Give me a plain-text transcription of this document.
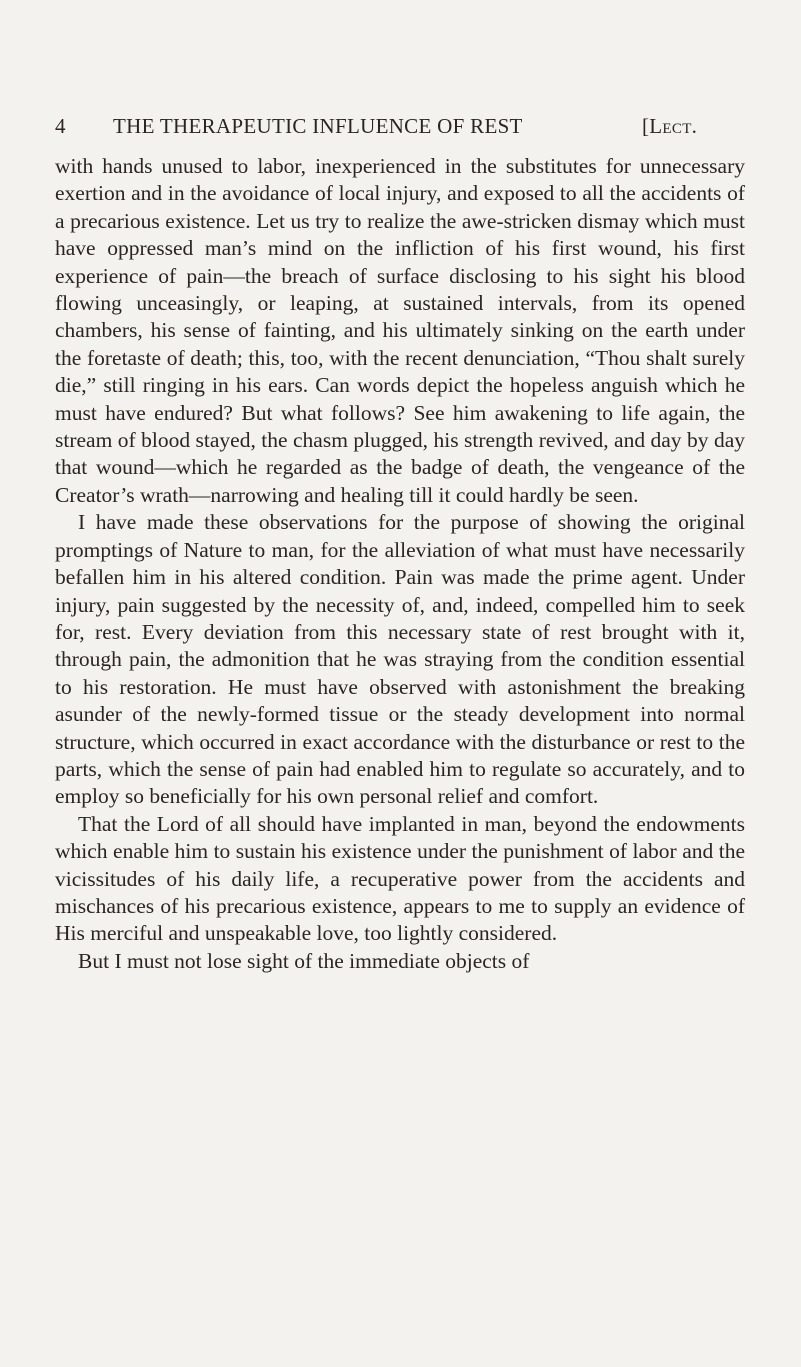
4 THE THERAPEUTIC INFLUENCE OF REST	[Lect.

with hands unused to labor, inexperienced in the substitutes for unnecessary exertion and in the avoidance of local injury, and exposed to all the accidents of a precarious existence. Let us try to realize the awe-stricken dismay which must have oppressed man’s mind on the infliction of his first wound, his first experience of pain—the breach of surface disclosing to his sight his blood flowing unceasingly, or leaping, at sustained intervals, from its opened chambers, his sense of fainting, and his ultimately sinking on the earth under the foretaste of death; this, too, with the recent denunciation, “Thou shalt surely die,” still ringing in his ears. Can words depict the hopeless anguish which he must have endured? But what follows? See him awakening to life again, the stream of blood stayed, the chasm plugged, his strength revived, and day by day that wound—which he regarded as the badge of death, the vengeance of the Creator’s wrath—narrowing and healing till it could hardly be seen.

I have made these observations for the purpose of showing the original promptings of Nature to man, for the alleviation of what must have necessarily befallen him in his altered condition. Pain was made the prime agent. Under injury, pain suggested by the necessity of, and, indeed, compelled him to seek for, rest. Every deviation from this necessary state of rest brought with it, through pain, the admonition that he was straying from the condition essential to his restoration. He must have observed with astonishment the breaking asunder of the newly-formed tissue or the steady development into normal structure, which occurred in exact accordance with the disturbance or rest to the parts, which the sense of pain had enabled him to regulate so accurately, and to employ so beneficially for his own personal relief and comfort.

That the Lord of all should have implanted in man, beyond the endowments which enable him to sustain his existence under the punishment of labor and the vicissitudes of his daily life, a recuperative power from the accidents and mischances of his precarious existence, appears to me to supply an evidence of His merciful and unspeakable love, too lightly considered.

But I must not lose sight of the immediate objects of
